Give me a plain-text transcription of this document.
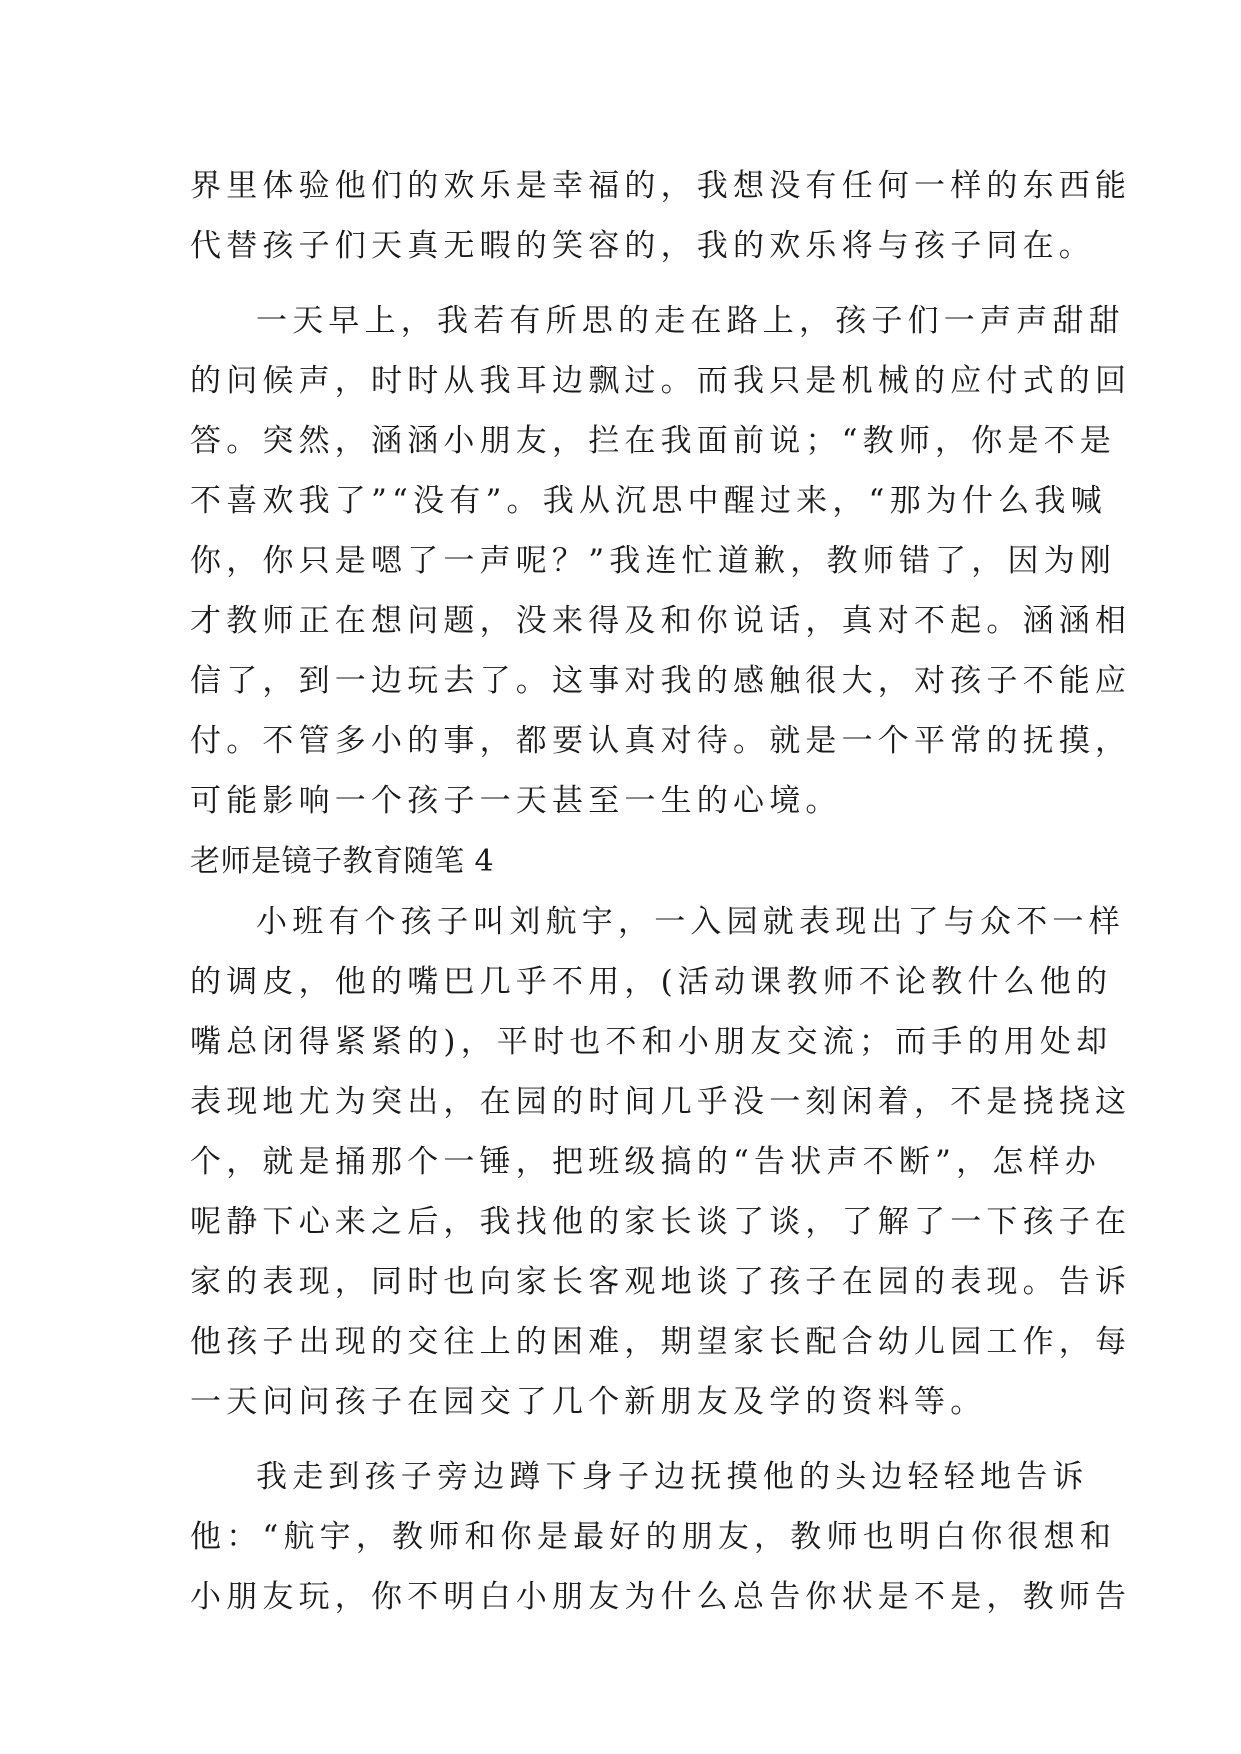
界里体验他们的欢乐是幸福的，我想没有任何一样的东西能
代替孩子们天真无暇的笑容的，我的欢乐将与孩子同在。
一天早上，我若有所思的走在路上，孩子们一声声甜甜
的问候声，时时从我耳边飘过。而我只是机械的应付式的回
答。突然，涵涵小朋友，拦在我面前说；“教师，你是不是
不喜欢我了”“没有”。我从沉思中醒过来，“那为什么我喊
你，你只是嗯了一声呢？”我连忙道歉，教师错了，因为刚
才教师正在想问题，没来得及和你说话，真对不起。涵涵相
信了，到一边玩去了。这事对我的感触很大，对孩子不能应
付。不管多小的事，都要认真对待。就是一个平常的抚摸，
可能影响一个孩子一天甚至一生的心境。
老师是镜子教育随笔 4
小班有个孩子叫刘航宇，一入园就表现出了与众不一样
的调皮，他的嘴巴几乎不用，(活动课教师不论教什么他的
嘴总闭得紧紧的)，平时也不和小朋友交流；而手的用处却
表现地尤为突出，在园的时间几乎没一刻闲着，不是挠挠这
个，就是捅那个一锤，把班级搞的“告状声不断”，怎样办
呢静下心来之后，我找他的家长谈了谈，了解了一下孩子在
家的表现，同时也向家长客观地谈了孩子在园的表现。告诉
他孩子出现的交往上的困难，期望家长配合幼儿园工作，每
一天问问孩子在园交了几个新朋友及学的资料等。
我走到孩子旁边蹲下身子边抚摸他的头边轻轻地告诉
他：“航宇，教师和你是最好的朋友，教师也明白你很想和
小朋友玩，你不明白小朋友为什么总告你状是不是，教师告
